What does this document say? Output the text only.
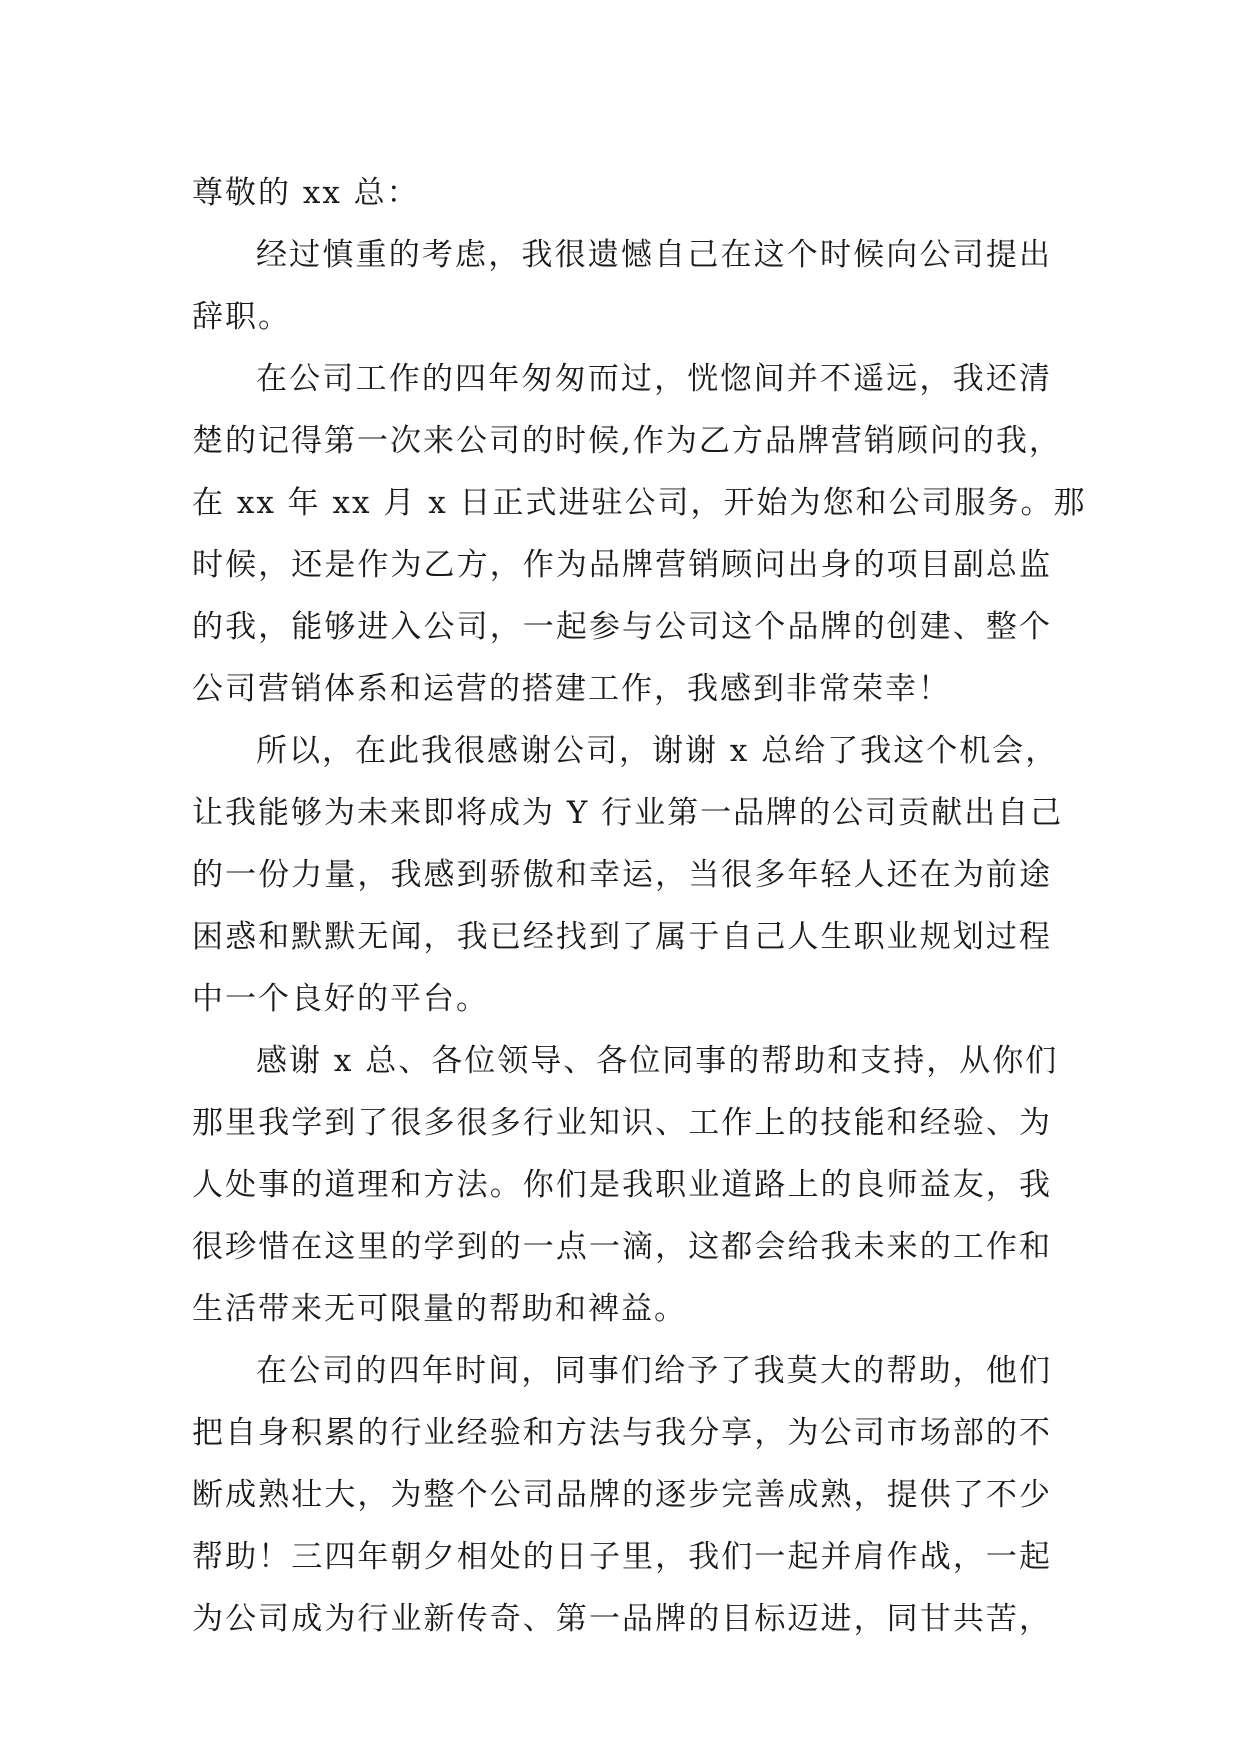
尊敬的 xx 总：
经过慎重的考虑，我很遗憾自己在这个时候向公司提出
辞职。
在公司工作的四年匆匆而过，恍惚间并不遥远，我还清
楚的记得第一次来公司的时候,作为乙方品牌营销顾问的我，
在 xx 年 xx 月 x 日正式进驻公司，开始为您和公司服务。那
时候，还是作为乙方，作为品牌营销顾问出身的项目副总监
的我，能够进入公司，一起参与公司这个品牌的创建、整个
公司营销体系和运营的搭建工作，我感到非常荣幸！
所以，在此我很感谢公司，谢谢 x 总给了我这个机会，
让我能够为未来即将成为 Y 行业第一品牌的公司贡献出自己
的一份力量，我感到骄傲和幸运，当很多年轻人还在为前途
困惑和默默无闻，我已经找到了属于自己人生职业规划过程
中一个良好的平台。
感谢 x 总、各位领导、各位同事的帮助和支持，从你们
那里我学到了很多很多行业知识、工作上的技能和经验、为
人处事的道理和方法。你们是我职业道路上的良师益友，我
很珍惜在这里的学到的一点一滴，这都会给我未来的工作和
生活带来无可限量的帮助和裨益。
在公司的四年时间，同事们给予了我莫大的帮助，他们
把自身积累的行业经验和方法与我分享，为公司市场部的不
断成熟壮大，为整个公司品牌的逐步完善成熟，提供了不少
帮助！三四年朝夕相处的日子里，我们一起并肩作战，一起
为公司成为行业新传奇、第一品牌的目标迈进，同甘共苦，
